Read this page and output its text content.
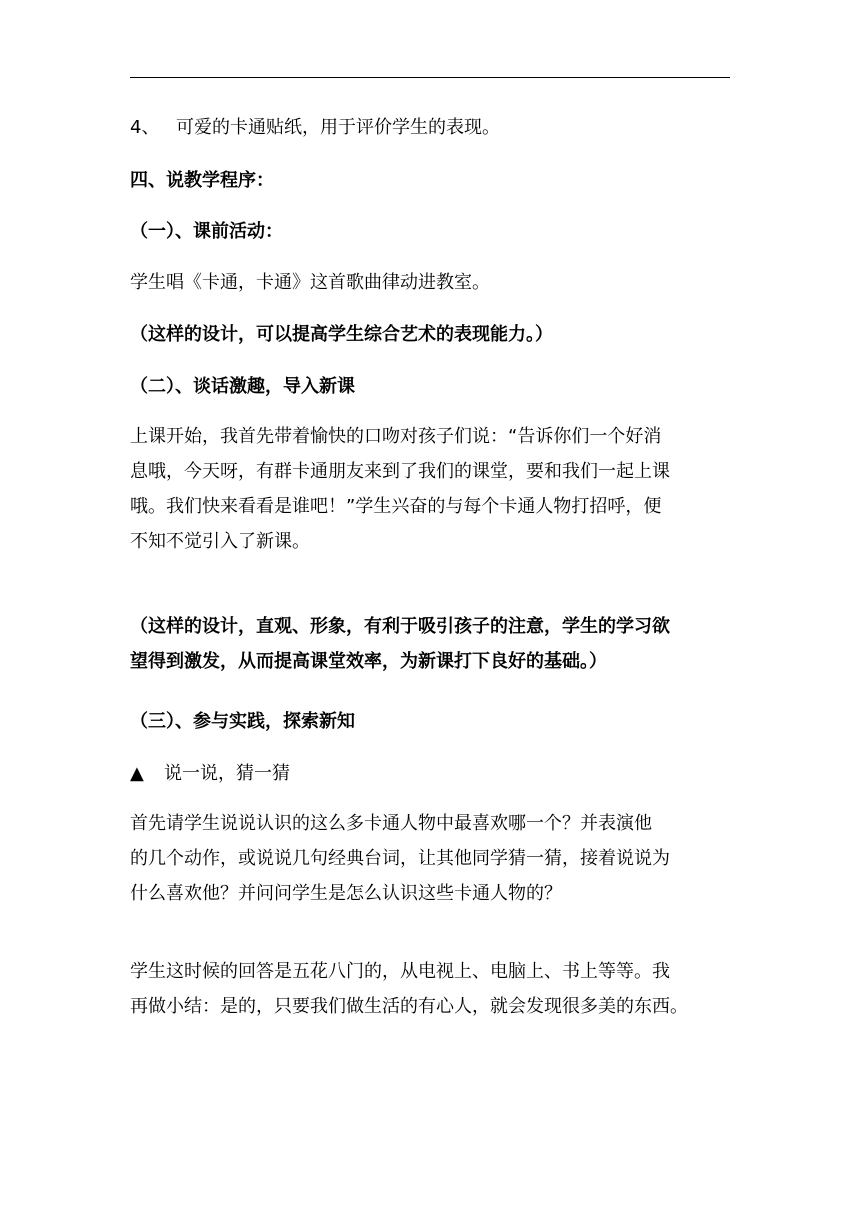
4、 可爱的卡通贴纸，用于评价学生的表现。
四、说教学程序：
（一）、课前活动：
学生唱《卡通，卡通》这首歌曲律动进教室。
（这样的设计，可以提高学生综合艺术的表现能力。）
（二）、谈话激趣，导入新课
上课开始，我首先带着愉快的口吻对孩子们说：“告诉你们一个好消
息哦，今天呀，有群卡通朋友来到了我们的课堂，要和我们一起上课
哦。我们快来看看是谁吧！”学生兴奋的与每个卡通人物打招呼，便
不知不觉引入了新课。
（这样的设计，直观、形象，有利于吸引孩子的注意，学生的学习欲
望得到激发，从而提高课堂效率，为新课打下良好的基础。）
（三）、参与实践，探索新知
▲ 说一说，猜一猜
首先请学生说说认识的这么多卡通人物中最喜欢哪一个？并表演他
的几个动作，或说说几句经典台词，让其他同学猜一猜，接着说说为
什么喜欢他？并问问学生是怎么认识这些卡通人物的？
学生这时候的回答是五花八门的，从电视上、电脑上、书上等等。我
再做小结：是的，只要我们做生活的有心人，就会发现很多美的东西。
